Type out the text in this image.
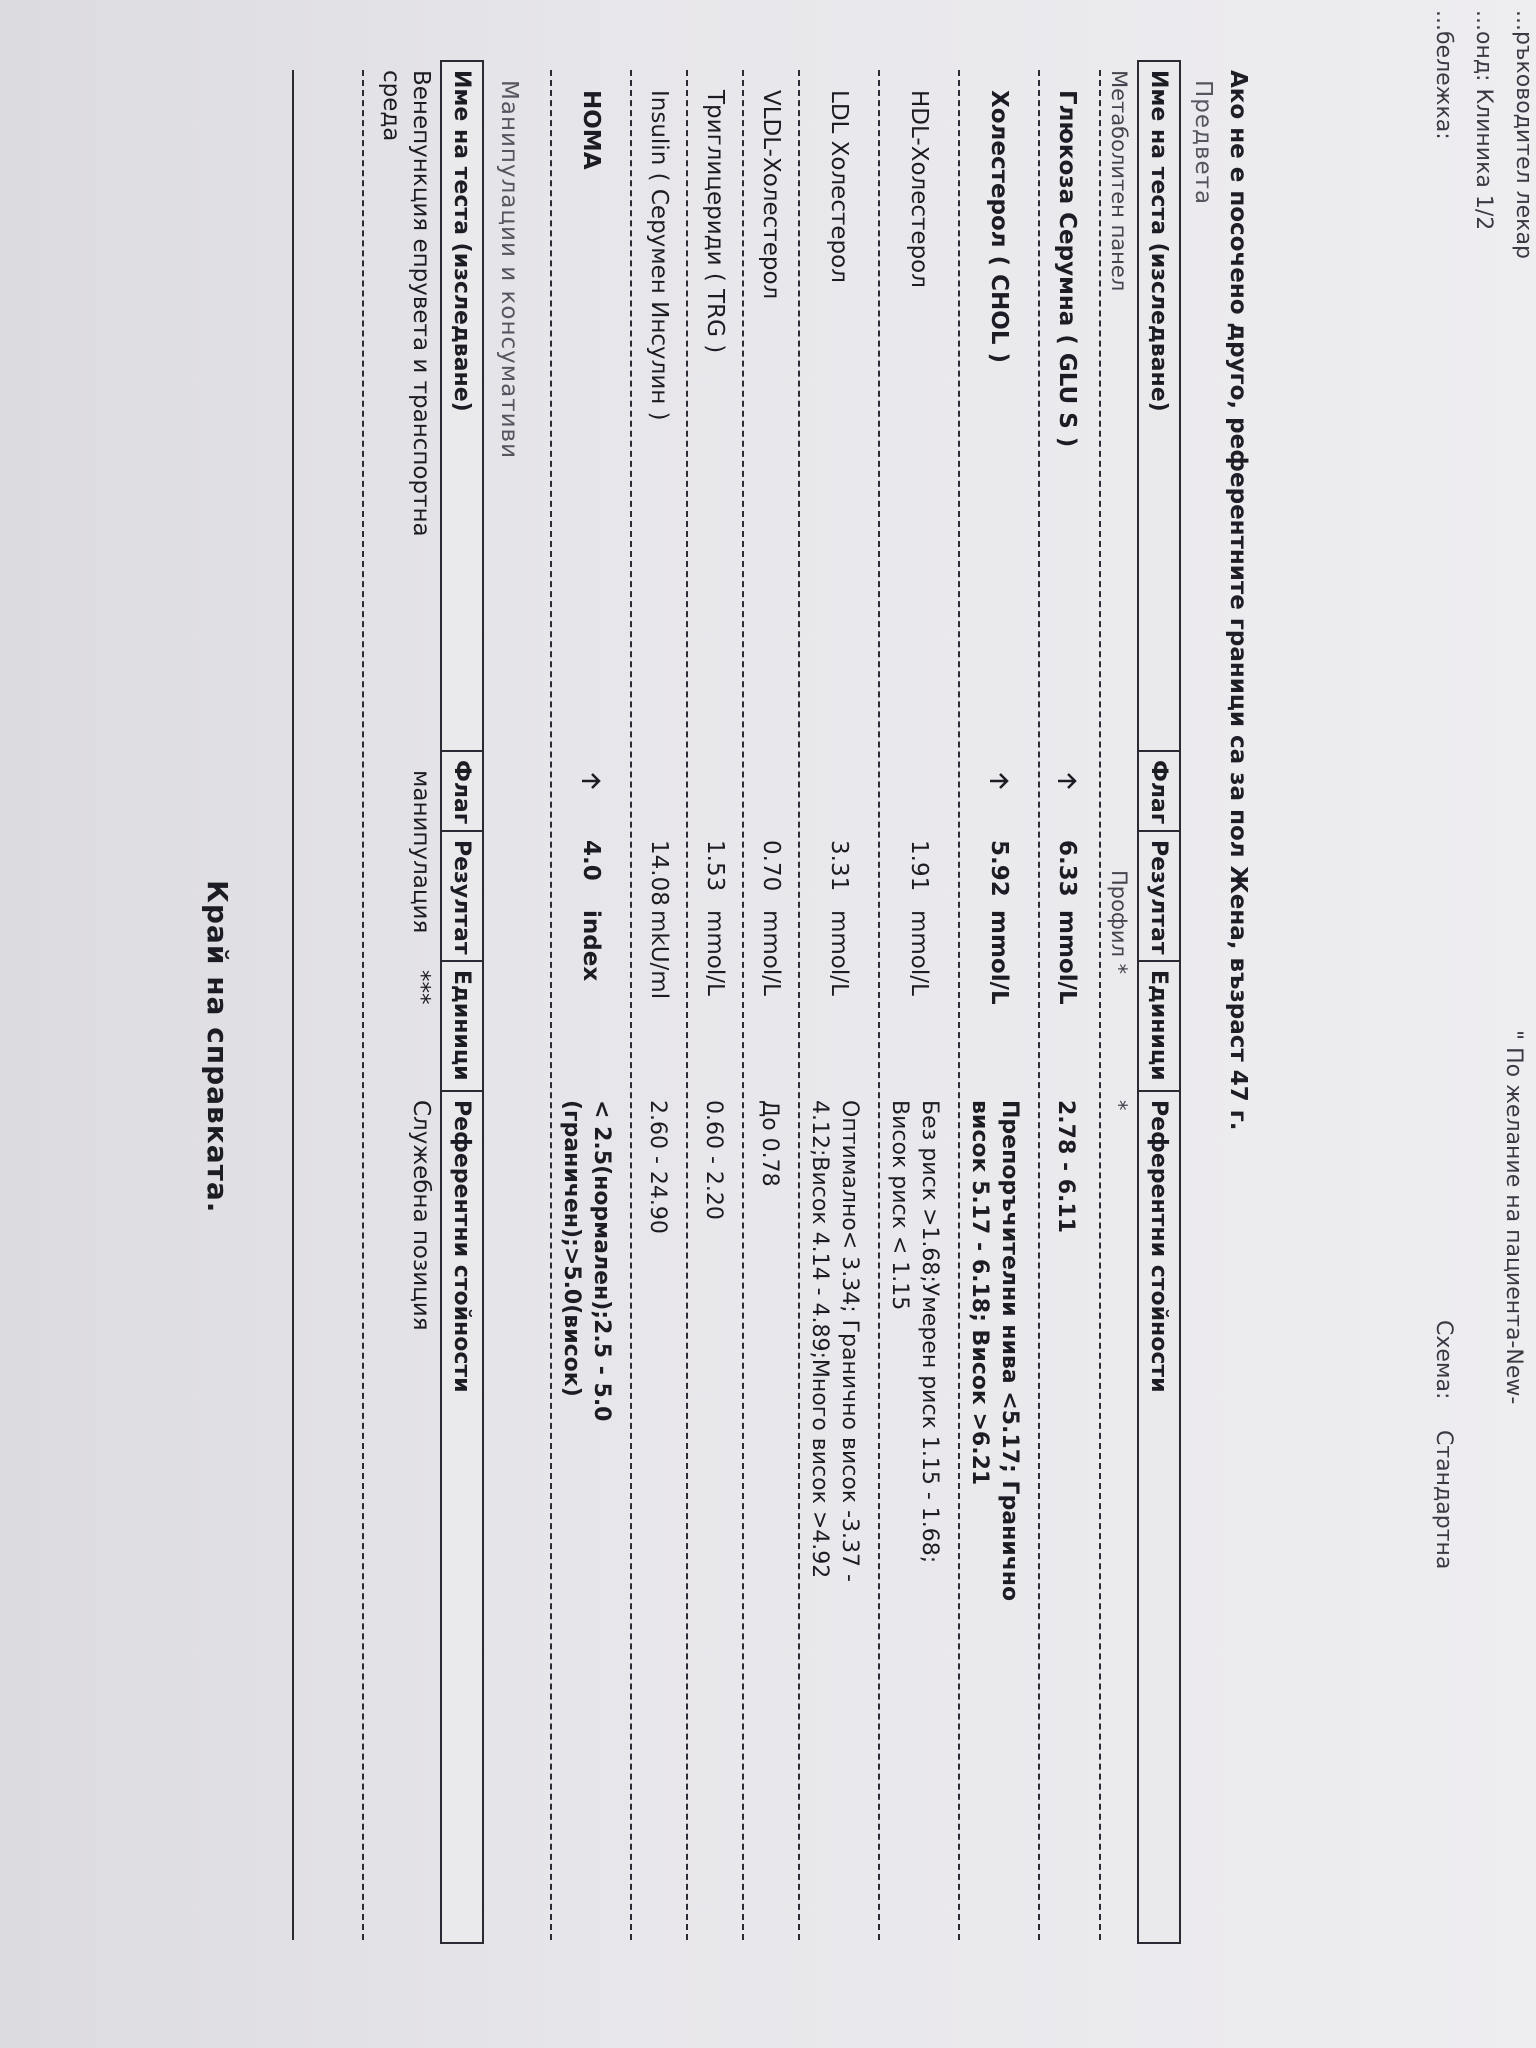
...ръководител лекар
...онд: Клиника 1/2
...бележка:
" По желание на пациента-New-
Схема:
Стандартна
Ако не е посочено друго, референтните граници са за пол Жена, възраст 47 г.
Предвета
Манипулации и консумативи
Край на справката.
Име на теста (изследване)
Флаг
Резултат
Единици
Референтни стойности
Метаболитен панел
Профил *
*
Глюкоза Серумна ( GLU S )
6.33
mmol/L
2.78 - 6.11
Холестерол ( CHOL )
5.92
mmol/L
Препоръчителни нива <5.17; Гранично
висок 5.17 - 6.18; Висок >6.21
HDL-Холестерол
1.91
mmol/L
Без риск >1.68;Умерен риск 1.15 - 1.68;
Висок риск < 1.15
LDL Холестерол
3.31
mmol/L
Оптимално< 3.34; Гранично висок -3.37 -
4.12;Висок 4.14 - 4.89;Много висок >4.92
VLDL-Холестерол
0.70
mmol/L
До 0.78
Триглицериди ( TRG )
1.53
mmol/L
0.60 - 2.20
Insulin ( Серумен Инсулин )
14.08
mkU/ml
2.60 - 24.90
HOMA
4.0
index
< 2.5(нормален);2.5 - 5.0
(граничен);>5.0(висок)
Име на теста (изследване)
Флаг
Резултат
Единици
Референтни стойности
Венепункция епрувета и транспортна
среда
манипулация
***
Служебна позиция
